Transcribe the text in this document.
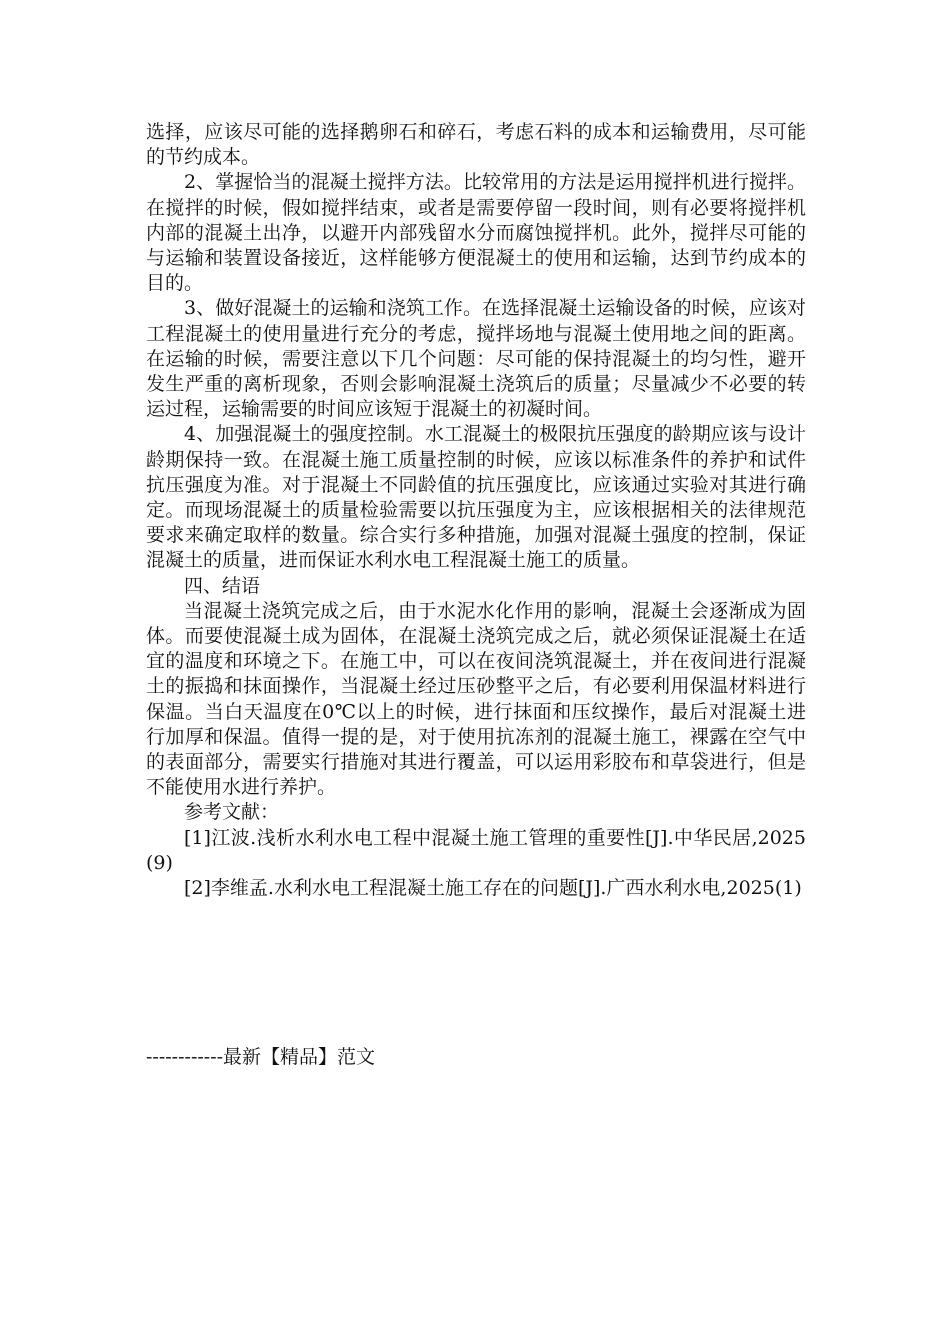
选择，应该尽可能的选择鹅卵石和碎石，考虑石料的成本和运输费用，尽可能的节约成本。

2、掌握恰当的混凝土搅拌方法。比较常用的方法是运用搅拌机进行搅拌。在搅拌的时候，假如搅拌结束，或者是需要停留一段时间，则有必要将搅拌机内部的混凝土出净，以避开内部残留水分而腐蚀搅拌机。此外，搅拌尽可能的与运输和装置设备接近，这样能够方便混凝土的使用和运输，达到节约成本的目的。

3、做好混凝土的运输和浇筑工作。在选择混凝土运输设备的时候，应该对工程混凝土的使用量进行充分的考虑，搅拌场地与混凝土使用地之间的距离。在运输的时候，需要注意以下几个问题：尽可能的保持混凝土的均匀性，避开发生严重的离析现象，否则会影响混凝土浇筑后的质量；尽量减少不必要的转运过程，运输需要的时间应该短于混凝土的初凝时间。

4、加强混凝土的强度控制。水工混凝土的极限抗压强度的龄期应该与设计龄期保持一致。在混凝土施工质量控制的时候，应该以标准条件的养护和试件抗压强度为准。对于混凝土不同龄值的抗压强度比，应该通过实验对其进行确定。而现场混凝土的质量检验需要以抗压强度为主，应该根据相关的法律规范要求来确定取样的数量。综合实行多种措施，加强对混凝土强度的控制，保证混凝土的质量，进而保证水利水电工程混凝土施工的质量。

四、结语

当混凝土浇筑完成之后，由于水泥水化作用的影响，混凝土会逐渐成为固体。而要使混凝土成为固体，在混凝土浇筑完成之后，就必须保证混凝土在适宜的温度和环境之下。在施工中，可以在夜间浇筑混凝土，并在夜间进行混凝土的振捣和抹面操作，当混凝土经过压砂整平之后，有必要利用保温材料进行保温。当白天温度在0℃以上的时候，进行抹面和压纹操作，最后对混凝土进行加厚和保温。值得一提的是，对于使用抗冻剂的混凝土施工，裸露在空气中的表面部分，需要实行措施对其进行覆盖，可以运用彩胶布和草袋进行，但是不能使用水进行养护。

参考文献：

[1]江波.浅析水利水电工程中混凝土施工管理的重要性[J].中华民居,2025(9)

[2]李维孟.水利水电工程混凝土施工存在的问题[J].广西水利水电,2025(1)

------------最新【精品】范文
